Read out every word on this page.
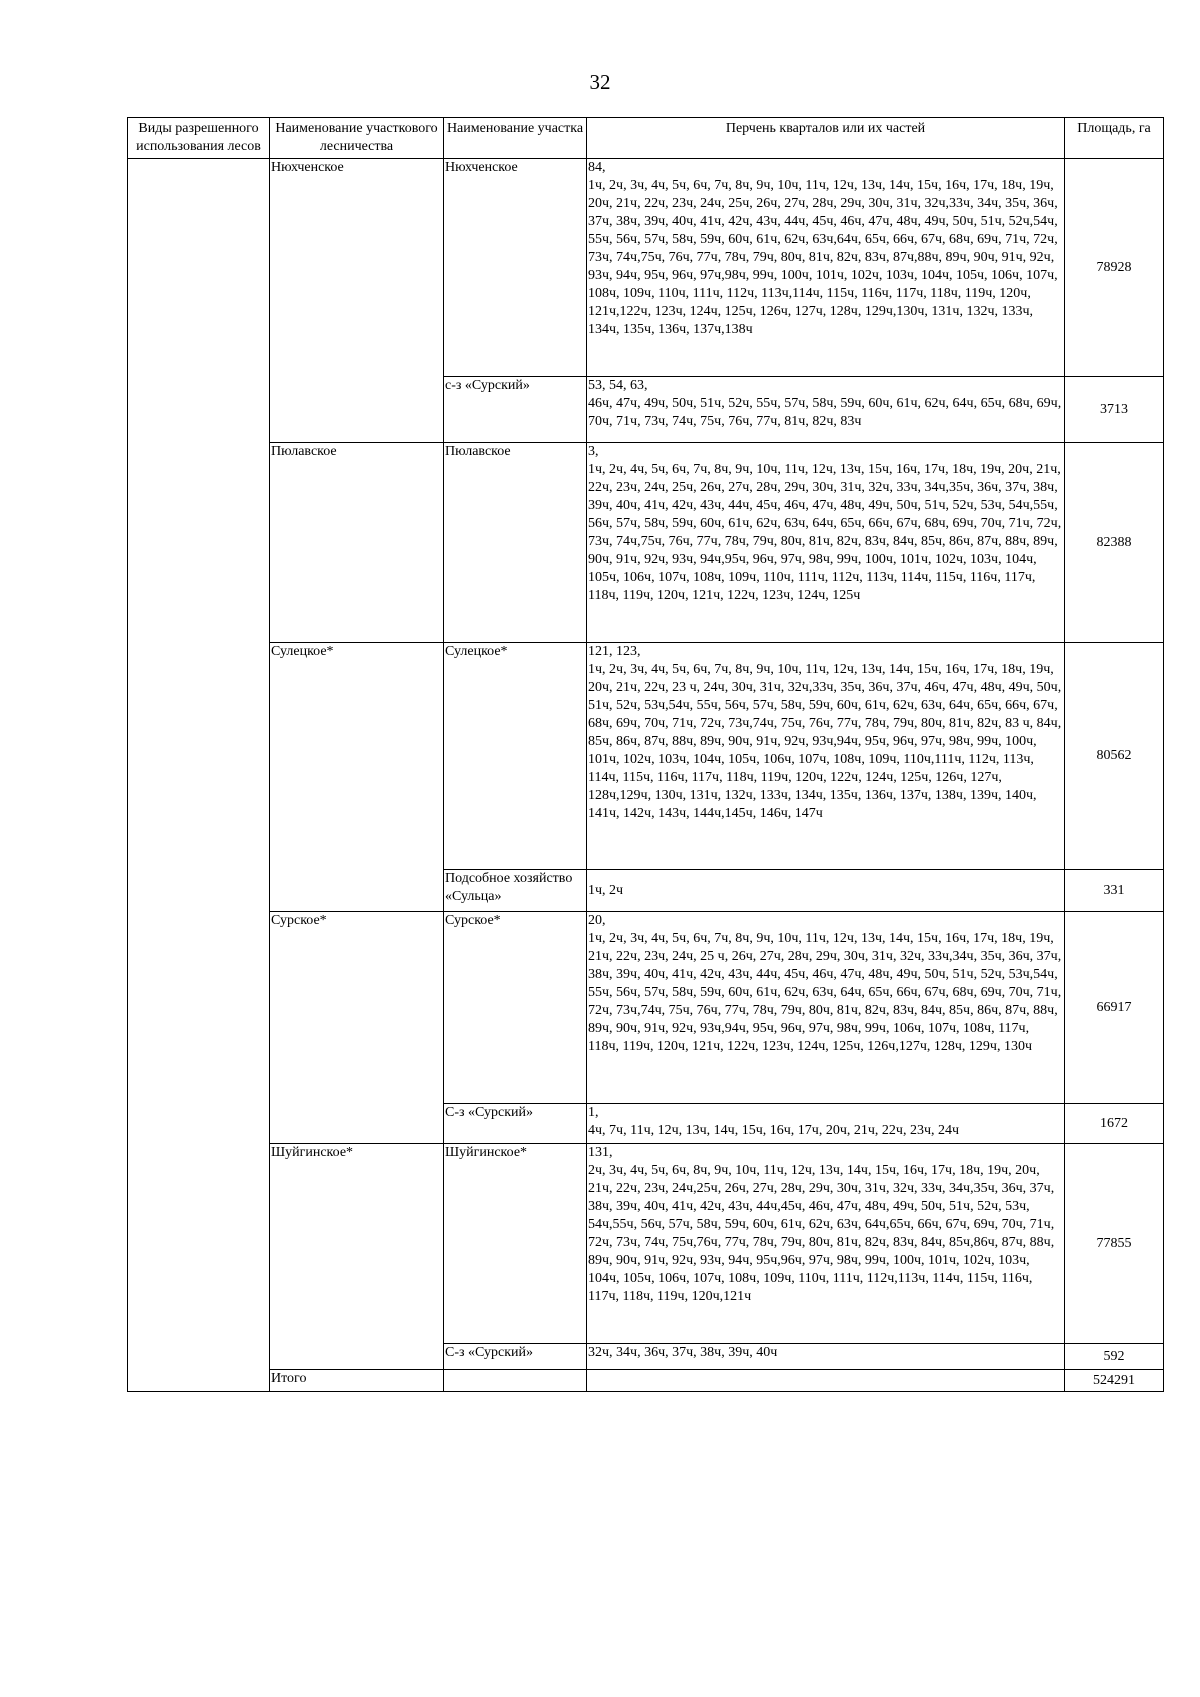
32
Виды разрешенного использования лесов	Наименование участкового лесничества	Наименование участка	Перчень кварталов или их частей	Площадь, га
	Нюхченское	Нюхченское	84,
1ч, 2ч, 3ч, 4ч, 5ч, 6ч, 7ч, 8ч, 9ч, 10ч, 11ч, 12ч, 13ч, 14ч, 15ч, 16ч, 17ч, 18ч, 19ч, 20ч, 21ч, 22ч, 23ч, 24ч, 25ч, 26ч, 27ч, 28ч, 29ч, 30ч, 31ч, 32ч,33ч, 34ч, 35ч, 36ч, 37ч, 38ч, 39ч, 40ч, 41ч, 42ч, 43ч, 44ч, 45ч, 46ч, 47ч, 48ч, 49ч, 50ч, 51ч, 52ч,54ч, 55ч, 56ч, 57ч, 58ч, 59ч, 60ч, 61ч, 62ч, 63ч,64ч, 65ч, 66ч, 67ч, 68ч, 69ч, 71ч, 72ч, 73ч, 74ч,75ч, 76ч, 77ч, 78ч, 79ч, 80ч, 81ч, 82ч, 83ч, 87ч,88ч, 89ч, 90ч, 91ч, 92ч, 93ч, 94ч, 95ч, 96ч, 97ч,98ч, 99ч, 100ч, 101ч, 102ч, 103ч, 104ч, 105ч, 106ч, 107ч, 108ч, 109ч, 110ч, 111ч, 112ч, 113ч,114ч, 115ч, 116ч, 117ч, 118ч, 119ч, 120ч, 121ч,122ч, 123ч, 124ч, 125ч, 126ч, 127ч, 128ч, 129ч,130ч, 131ч, 132ч, 133ч, 134ч, 135ч, 136ч, 137ч,138ч	78928
		с-з «Сурский»	53, 54, 63,
46ч, 47ч, 49ч, 50ч, 51ч, 52ч, 55ч, 57ч, 58ч, 59ч, 60ч, 61ч, 62ч, 64ч, 65ч, 68ч, 69ч, 70ч, 71ч, 73ч, 74ч, 75ч, 76ч, 77ч, 81ч, 82ч, 83ч	3713
	Пюлавское	Пюлавское	3,
1ч, 2ч, 4ч, 5ч, 6ч, 7ч, 8ч, 9ч, 10ч, 11ч, 12ч, 13ч, 15ч, 16ч, 17ч, 18ч, 19ч, 20ч, 21ч, 22ч, 23ч, 24ч, 25ч, 26ч, 27ч, 28ч, 29ч, 30ч, 31ч, 32ч, 33ч, 34ч,35ч, 36ч, 37ч, 38ч, 39ч, 40ч, 41ч, 42ч, 43ч, 44ч, 45ч, 46ч, 47ч, 48ч, 49ч, 50ч, 51ч, 52ч, 53ч, 54ч,55ч, 56ч, 57ч, 58ч, 59ч, 60ч, 61ч, 62ч, 63ч, 64ч, 65ч, 66ч, 67ч, 68ч, 69ч, 70ч, 71ч, 72ч, 73ч, 74ч,75ч, 76ч, 77ч, 78ч, 79ч, 80ч, 81ч, 82ч, 83ч, 84ч, 85ч, 86ч, 87ч, 88ч, 89ч, 90ч, 91ч, 92ч, 93ч, 94ч,95ч, 96ч, 97ч, 98ч, 99ч, 100ч, 101ч, 102ч, 103ч, 104ч, 105ч, 106ч, 107ч, 108ч, 109ч, 110ч, 111ч, 112ч, 113ч, 114ч, 115ч, 116ч, 117ч, 118ч, 119ч, 120ч, 121ч, 122ч, 123ч, 124ч, 125ч	82388
	Сулецкое*	Сулецкое*	121, 123,
1ч, 2ч, 3ч, 4ч, 5ч, 6ч, 7ч, 8ч, 9ч, 10ч, 11ч, 12ч, 13ч, 14ч, 15ч, 16ч, 17ч, 18ч, 19ч, 20ч, 21ч, 22ч, 23 ч, 24ч, 30ч, 31ч, 32ч,33ч, 35ч, 36ч, 37ч, 46ч, 47ч, 48ч, 49ч, 50ч, 51ч, 52ч, 53ч,54ч, 55ч, 56ч, 57ч, 58ч, 59ч, 60ч, 61ч, 62ч, 63ч, 64ч, 65ч, 66ч, 67ч, 68ч, 69ч, 70ч, 71ч, 72ч, 73ч,74ч, 75ч, 76ч, 77ч, 78ч, 79ч, 80ч, 81ч, 82ч, 83 ч, 84ч, 85ч, 86ч, 87ч, 88ч, 89ч, 90ч, 91ч, 92ч, 93ч,94ч, 95ч, 96ч, 97ч, 98ч, 99ч, 100ч, 101ч, 102ч, 103ч, 104ч, 105ч, 106ч, 107ч, 108ч, 109ч, 110ч,111ч, 112ч, 113ч, 114ч, 115ч, 116ч, 117ч, 118ч, 119ч, 120ч, 122ч, 124ч, 125ч, 126ч, 127ч, 128ч,129ч, 130ч, 131ч, 132ч, 133ч, 134ч, 135ч, 136ч, 137ч, 138ч, 139ч, 140ч, 141ч, 142ч, 143ч, 144ч,145ч, 146ч, 147ч	80562
		Подсобное хозяйство «Сульца»	1ч, 2ч	331
	Сурское*	Сурское*	20,
1ч, 2ч, 3ч, 4ч, 5ч, 6ч, 7ч, 8ч, 9ч, 10ч, 11ч, 12ч, 13ч, 14ч, 15ч, 16ч, 17ч, 18ч, 19ч, 21ч, 22ч, 23ч, 24ч, 25 ч, 26ч, 27ч, 28ч, 29ч, 30ч, 31ч, 32ч, 33ч,34ч, 35ч, 36ч, 37ч, 38ч, 39ч, 40ч, 41ч, 42ч, 43ч, 44ч, 45ч, 46ч, 47ч, 48ч, 49ч, 50ч, 51ч, 52ч, 53ч,54ч, 55ч, 56ч, 57ч, 58ч, 59ч, 60ч, 61ч, 62ч, 63ч, 64ч, 65ч, 66ч, 67ч, 68ч, 69ч, 70ч, 71ч, 72ч, 73ч,74ч, 75ч, 76ч, 77ч, 78ч, 79ч, 80ч, 81ч, 82ч, 83ч, 84ч, 85ч, 86ч, 87ч, 88ч, 89ч, 90ч, 91ч, 92ч, 93ч,94ч, 95ч, 96ч, 97ч, 98ч, 99ч, 106ч, 107ч, 108ч, 117ч, 118ч, 119ч, 120ч, 121ч, 122ч, 123ч, 124ч, 125ч, 126ч,127ч, 128ч, 129ч, 130ч	66917
		С-з «Сурский»	1,
4ч, 7ч, 11ч, 12ч, 13ч, 14ч, 15ч, 16ч, 17ч, 20ч, 21ч, 22ч, 23ч, 24ч	1672
	Шуйгинское*	Шуйгинское*	131,
2ч, 3ч, 4ч, 5ч, 6ч, 8ч, 9ч, 10ч, 11ч, 12ч, 13ч, 14ч, 15ч, 16ч, 17ч, 18ч, 19ч, 20ч, 21ч, 22ч, 23ч, 24ч,25ч, 26ч, 27ч, 28ч, 29ч, 30ч, 31ч, 32ч, 33ч, 34ч,35ч, 36ч, 37ч, 38ч, 39ч, 40ч, 41ч, 42ч, 43ч, 44ч,45ч, 46ч, 47ч, 48ч, 49ч, 50ч, 51ч, 52ч, 53ч, 54ч,55ч, 56ч, 57ч, 58ч, 59ч, 60ч, 61ч, 62ч, 63ч, 64ч,65ч, 66ч, 67ч, 69ч, 70ч, 71ч, 72ч, 73ч, 74ч, 75ч,76ч, 77ч, 78ч, 79ч, 80ч, 81ч, 82ч, 83ч, 84ч, 85ч,86ч, 87ч, 88ч, 89ч, 90ч, 91ч, 92ч, 93ч, 94ч, 95ч,96ч, 97ч, 98ч, 99ч, 100ч, 101ч, 102ч, 103ч, 104ч, 105ч, 106ч, 107ч, 108ч, 109ч, 110ч, 111ч, 112ч,113ч, 114ч, 115ч, 116ч, 117ч, 118ч, 119ч, 120ч,121ч	77855
		С-з «Сурский»	32ч, 34ч, 36ч, 37ч, 38ч, 39ч, 40ч	592
	Итого			524291
